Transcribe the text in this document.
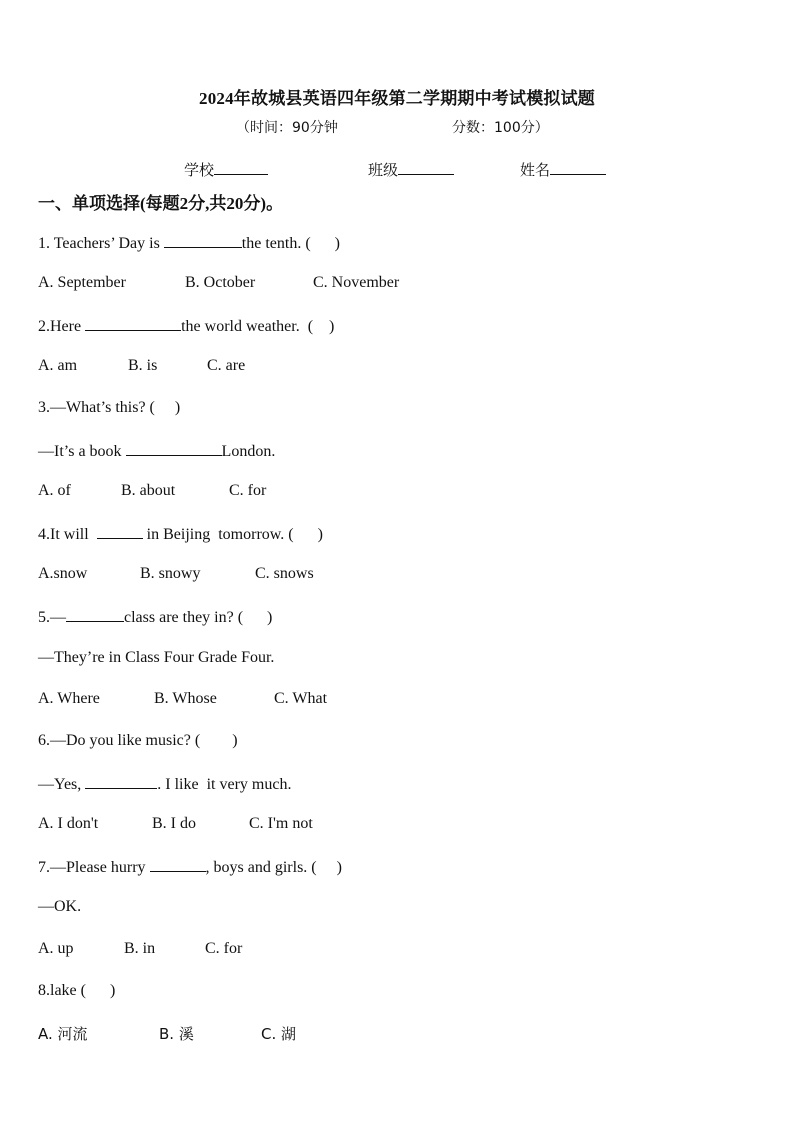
2024年故城县英语四年级第二学期期中考试模拟试题
（时间：90分钟	分数：100分）
学校	班级	姓名
一、单项选择(每题2分,共20分)。
1. Teachers’ Day is	the tenth. (      )
A. September	B. October	C. November
2.Here	the world weather.  (    )
A. am	B. is	C. are
3.—What’s this? (     )
—It’s a book	London.
A. of	B. about	C. for
4.It will	in Beijing  tomorrow. (      )
A.snow	B. snowy	C. snows
5.—	class are they in? (      )
—They’re in Class Four Grade Four.
A. Where	B. Whose	C. What
6.—Do you like music? (        )
—Yes,	. I like  it very much.
A. I don't	B. I do	C. I'm not
7.—Please hurry	, boys and girls. (     )
—OK.
A. up	B. in	C. for
8.lake (      )
A. 河流	B. 溪	C. 湖
